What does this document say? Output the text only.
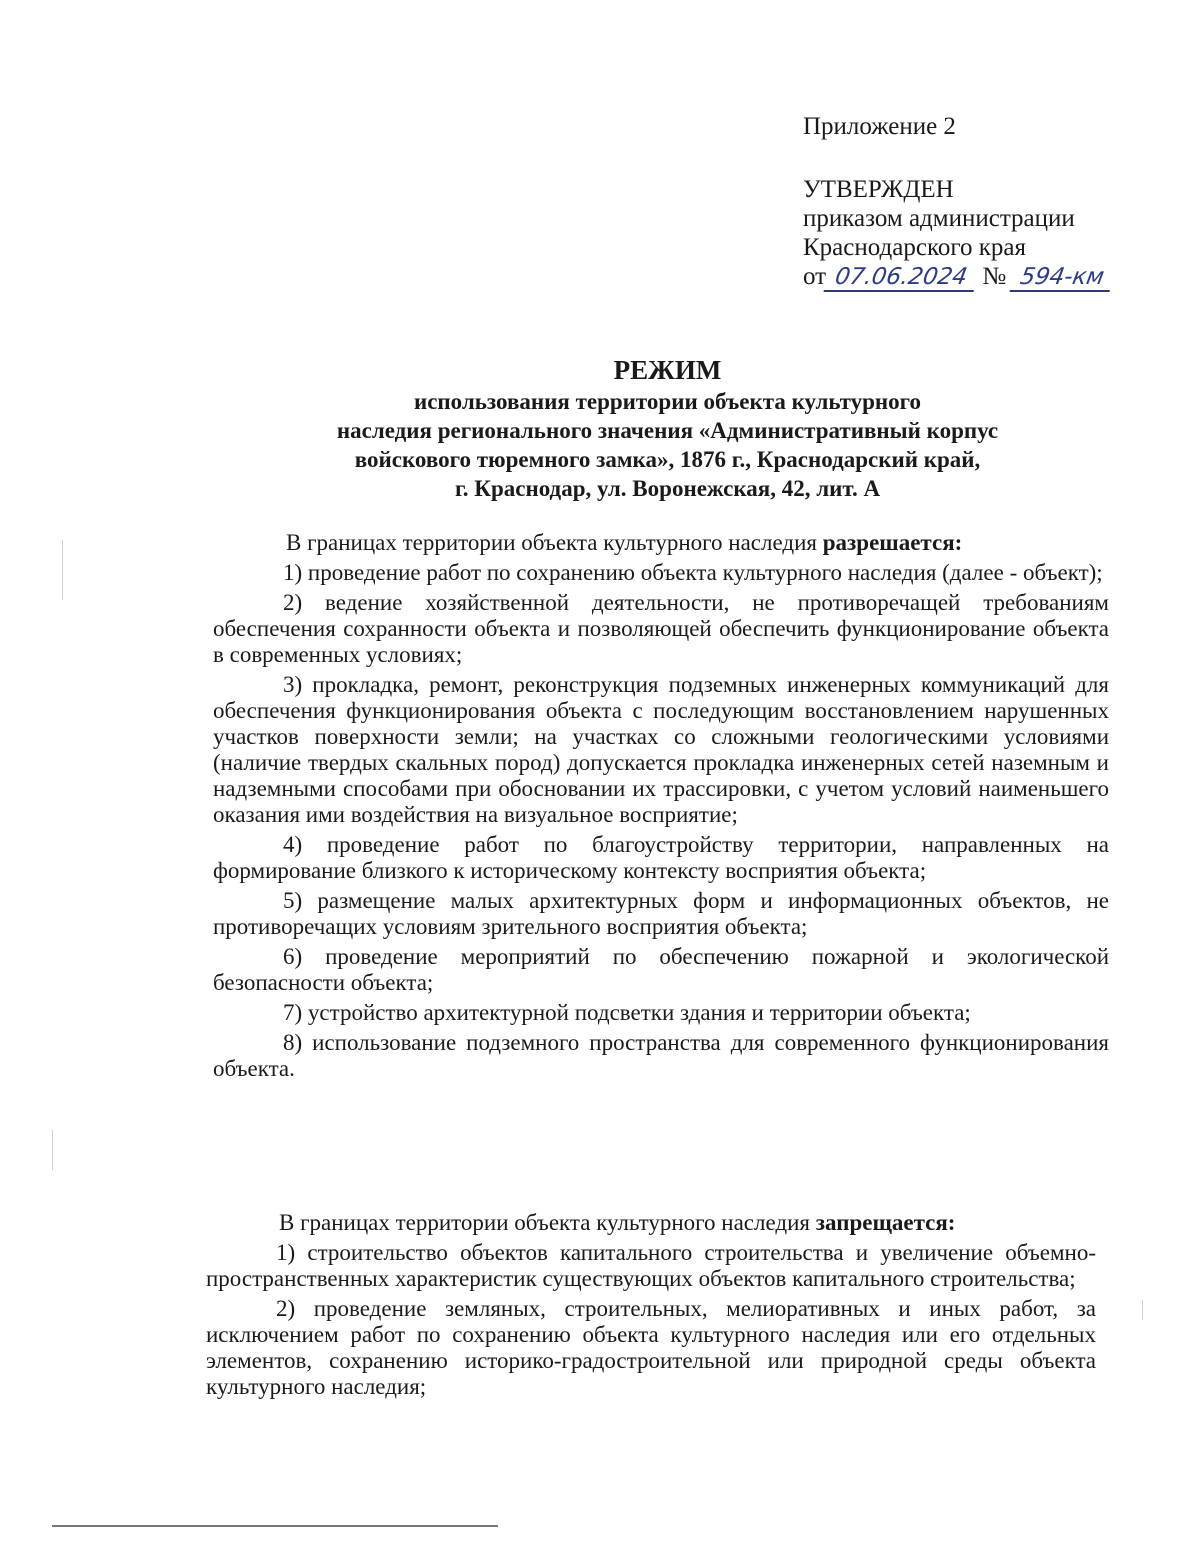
Приложение 2
УТВЕРЖДЕН
приказом администрации
Краснодарского края
от 07.06.2024 № 594-км
РЕЖИМ
использования территории объекта культурного
наследия регионального значения «Административный корпус
войскового тюремного замка», 1876 г., Краснодарский край,
г. Краснодар, ул. Воронежская, 42, лит. А

В границах территории объекта культурного наследия разрешается:

1) проведение работ по сохранению объекта культурного наследия (далее - объект);

2) ведение хозяйственной деятельности, не противоречащей требованиям обеспечения сохранности объекта и позволяющей обеспечить функционирование объекта в современных условиях;

3) прокладка, ремонт, реконструкция подземных инженерных коммуникаций для обеспечения функционирования объекта с последующим восстановлением нарушенных участков поверхности земли; на участках со сложными геологическими условиями (наличие твердых скальных пород) допускается прокладка инженерных сетей наземным и надземными способами при обосновании их трассировки, с учетом условий наименьшего оказания ими воздействия на визуальное восприятие;

4) проведение работ по благоустройству территории, направленных на формирование близкого к историческому контексту восприятия объекта;

5) размещение малых архитектурных форм и информационных объектов, не противоречащих условиям зрительного восприятия объекта;

6) проведение мероприятий по обеспечению пожарной и экологической безопасности объекта;

7) устройство архитектурной подсветки здания и территории объекта;

8) использование подземного пространства для современного функционирования объекта.

В границах территории объекта культурного наследия запрещается:

1) строительство объектов капитального строительства и увеличение объемно-пространственных характеристик существующих объектов капитального строительства;

2) проведение земляных, строительных, мелиоративных и иных работ, за исключением работ по сохранению объекта культурного наследия или его отдельных элементов, сохранению историко-градостроительной или природной среды объекта культурного наследия;
